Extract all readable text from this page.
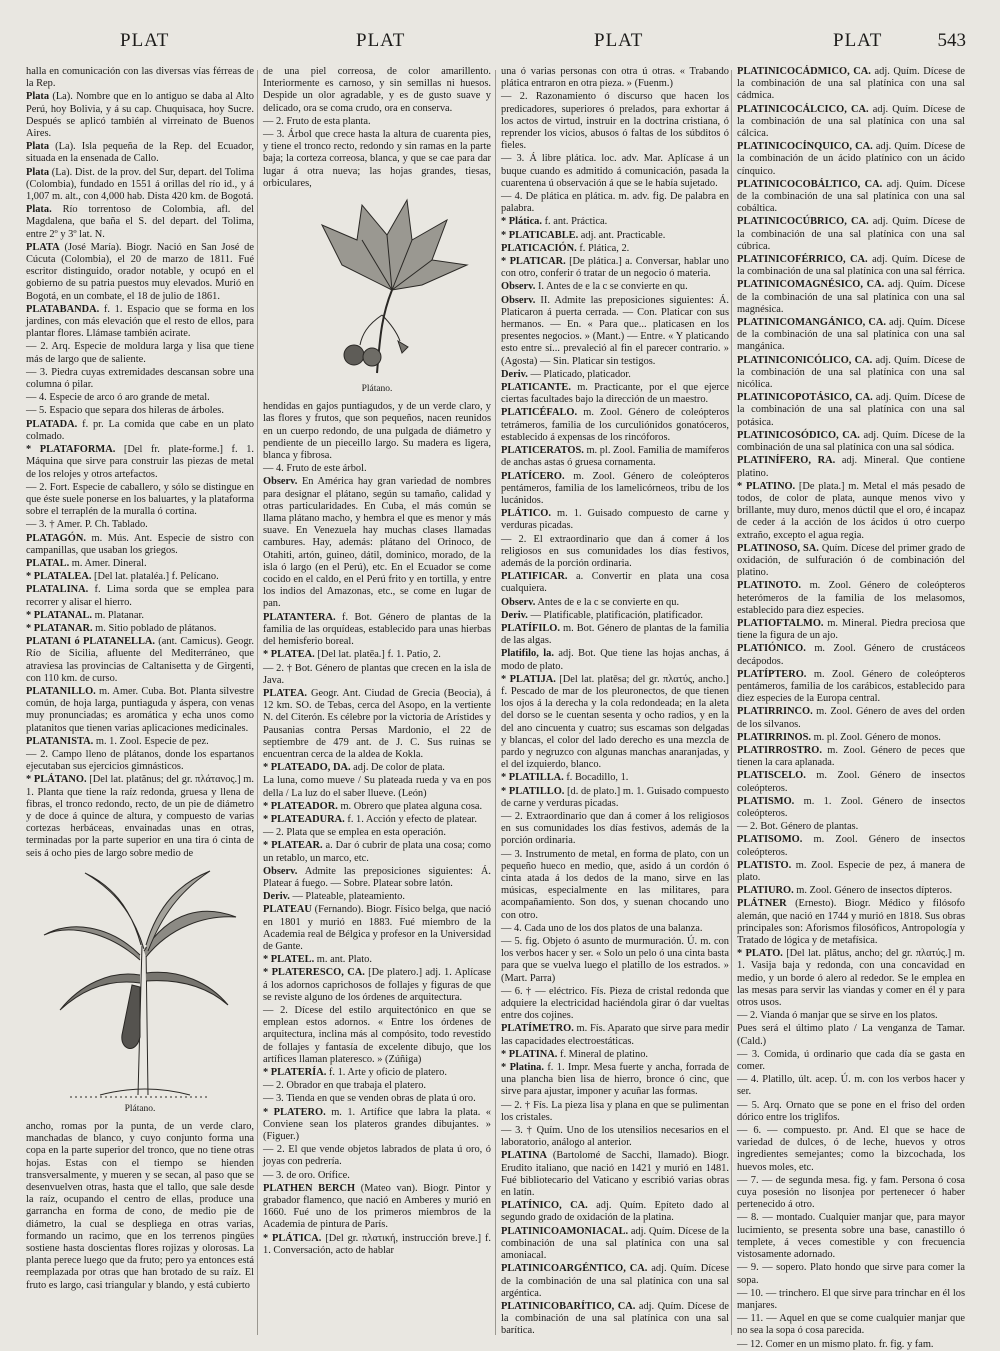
PLAT	PLAT	PLAT	PLAT	543

halla en comunicación con las diversas vías férreas de la Rep.

Plata (La). Nombre que en lo antiguo se daba al Alto Perú, hoy Bolivia, y á su cap. Chuquisaca, hoy Sucre. Después se aplicó también al virreinato de Buenos Aires.

Plata (La). Isla pequeña de la Rep. del Ecuador, situada en la ensenada de Callo.

Plata (La). Dist. de la prov. del Sur, depart. del Tolima (Colombia), fundado en 1551 á orillas del río id., y á 1,007 m. alt., con 4,000 hab. Dista 420 km. de Bogotá.

Plata. Río torrentoso de Colombia, afl. del Magdalena, que baña el S. del depart. del Tolima, entre 2º y 3º lat. N.

PLATA (José María). Biogr. Nació en San José de Cúcuta (Colombia), el 20 de marzo de 1811. Fué escritor distinguido, orador notable, y ocupó en el gobierno de su patria puestos muy elevados. Murió en Bogotá, en un combate, el 18 de julio de 1861.

PLATABANDA. f. 1. Espacio que se forma en los jardines, con más elevación que el resto de ellos, para plantar flores. Llámase también acirate.

— 2. Arq. Especie de moldura larga y lisa que tiene más de largo que de saliente.

— 3. Piedra cuyas extremidades descansan sobre una columna ó pilar.

— 4. Especie de arco ó aro grande de metal.

— 5. Espacio que separa dos hileras de árboles.

PLATADA. f. pr. La comida que cabe en un plato colmado.

* PLATAFORMA. [Del fr. plate-forme.] f. 1. Máquina que sirve para construir las piezas de metal de los relojes y otros artefactos.

— 2. Fort. Especie de caballero, y sólo se distingue en que éste suele ponerse en los baluartes, y la plataforma sobre el terraplén de la muralla ó cortina.

— 3. † Amer. P. Ch. Tablado.

PLATAGÓN. m. Mús. Ant. Especie de sistro con campanillas, que usaban los griegos.

PLATAL. m. Amer. Dineral.

* PLATALEA. [Del lat. plataléa.] f. Pelícano.

PLATALINA. f. Lima sorda que se emplea para recorrer y alisar el hierro.

* PLATANAL. m. Platanar.

* PLATANAR. m. Sitio poblado de plátanos.

PLATANI ó PLATANELLA. (ant. Camicus). Geogr. Río de Sicilia, afluente del Mediterráneo, que atraviesa las provincias de Caltanisetta y de Girgenti, con 110 km. de curso.

PLATANILLO. m. Amer. Cuba. Bot. Planta silvestre común, de hoja larga, puntiaguda y áspera, con venas muy pronunciadas; es aromática y echa unos como platanitos que tienen varias aplicaciones medicinales.

PLATANISTA. m. 1. Zool. Especie de pez.

— 2. Campo lleno de plátanos, donde los espartanos ejecutaban sus ejercicios gimnásticos.

* PLÁTANO. [Del lat. platănus; del gr. πλάτανος.] m. 1. Planta que tiene la raíz redonda, gruesa y llena de fibras, el tronco redondo, recto, de un pie de diámetro y de doce á quince de altura, y compuesto de varias cortezas herbáceas, envainadas unas en otras, terminadas por la parte superior en una tira ó cinta de seis á ocho pies de largo sobre medio de

Plátano.

ancho, romas por la punta, de un verde claro, manchadas de blanco, y cuyo conjunto forma una copa en la parte superior del tronco, que no tiene otras hojas. Estas con el tiempo se hienden transversalmente, y mueren y se secan, al paso que se desenvuelven otras, hasta que el tallo, que sale desde la raíz, ocupando el centro de ellas, produce una garrancha en forma de cono, de medio pie de diámetro, la cual se despliega en otras varias, formando un racimo, que en los terrenos pingües sostiene hasta doscientas flores rojizas y olorosas. La planta perece luego que da fruto; pero ya entonces está reemplazada por otras que han brotado de su raíz. El fruto es largo, casi triangular y blando, y está cubierto

de una piel correosa, de color amarillento. Interiormente es carnoso, y sin semillas ni huesos. Despide un olor agradable, y es de gusto suave y delicado, ora se coma crudo, ora en conserva.

— 2. Fruto de esta planta.

— 3. Árbol que crece hasta la altura de cuarenta pies, y tiene el tronco recto, redondo y sin ramas en la parte baja; la corteza correosa, blanca, y que se cae para dar lugar á otra nueva; las hojas grandes, tiesas, orbiculares,

Plátano.

hendidas en gajos puntiagudos, y de un verde claro, y las flores y frutos, que son pequeños, nacen reunidos en un cuerpo redondo, de una pulgada de diámetro y pendiente de un pieceillo largo. Su madera es ligera, blanca y fibrosa.

— 4. Fruto de este árbol.

Observ. En América hay gran variedad de nombres para designar el plátano, según su tamaño, calidad y otras particularidades. En Cuba, el más común se llama plátano macho, y hembra el que es menor y más suave. En Venezuela hay muchas clases llamadas cambures. Hay, además: plátano del Orinoco, de Otahiti, artón, guineo, dátil, dominico, morado, de la isla ó largo (en el Perú), etc. En el Ecuador se come cocido en el caldo, en el Perú frito y en tortilla, y entre los indios del Amazonas, etc., se come en lugar de pan.

PLATANTERA. f. Bot. Género de plantas de la familia de las orquídeas, establecido para unas hierbas del hemisferio boreal.

* PLATEA. [Del lat. platēa.] f. 1. Patio, 2.

— 2. † Bot. Género de plantas que crecen en la isla de Java.

PLATEA. Geogr. Ant. Ciudad de Grecia (Beocia), á 12 km. SO. de Tebas, cerca del Asopo, en la vertiente N. del Citerón. Es célebre por la victoria de Arístides y Pausanias contra Persas Mardonio, el 22 de septiembre de 479 ant. de J. C. Sus ruinas se encuentran cerca de la aldea de Kokla.

* PLATEADO, DA. adj. De color de plata.

La luna, como mueve / Su plateada rueda y va en pos della / La luz do el saber llueve. (León)

* PLATEADOR. m. Obrero que platea alguna cosa.

* PLATEADURA. f. 1. Acción y efecto de platear.

— 2. Plata que se emplea en esta operación.

* PLATEAR. a. Dar ó cubrir de plata una cosa; como un retablo, un marco, etc.

Observ. Admite las preposiciones siguientes: Á. Platear á fuego. — Sobre. Platear sobre latón.

Deriv. — Plateable, plateamiento.

PLATEAU (Fernando). Biogr. Físico belga, que nació en 1801 y murió en 1883. Fué miembro de la Academia real de Bélgica y profesor en la Universidad de Gante.

* PLATEL. m. ant. Plato.

* PLATERESCO, CA. [De platero.] adj. 1. Aplícase á los adornos caprichosos de follajes y figuras de que se reviste alguno de los órdenes de arquitectura.

— 2. Dícese del estilo arquitectónico en que se emplean estos adornos. « Entre los órdenes de arquitectura, inclina más al compósito, todo revestido de follajes y fantasía de excelente dibujo, que los artífices llaman plateresco. » (Zúñiga)

* PLATERÍA. f. 1. Arte y oficio de platero.

— 2. Obrador en que trabaja el platero.

— 3. Tienda en que se venden obras de plata ú oro.

* PLATERO. m. 1. Artífice que labra la plata. « Conviene sean los plateros grandes dibujantes. » (Figuer.)

— 2. El que vende objetos labrados de plata ú oro, ó joyas con pedrería.

— 3. de oro. Orífice.

PLATHEN BERCH (Mateo van). Biogr. Pintor y grabador flamenco, que nació en Amberes y murió en 1660. Fué uno de los primeros miembros de la Academia de pintura de París.

* PLÁTICA. [Del gr. πλατική, instrucción breve.] f. 1. Conversación, acto de hablar

una ó varias personas con otra ú otras. « Trabando plática entraron en otra pieza. » (Fuenm.)

— 2. Razonamiento ó discurso que hacen los predicadores, superiores ó prelados, para exhortar á los actos de virtud, instruir en la doctrina cristiana, ó reprender los vicios, abusos ó faltas de los súbditos ó fieles.

— 3. Á libre plática. loc. adv. Mar. Aplícase á un buque cuando es admitido á comunicación, pasada la cuarentena ú observación á que se le había sujetado.

— 4. De plática en plática. m. adv. fig. De palabra en palabra.

* Plática. f. ant. Práctica.

* PLATICABLE. adj. ant. Practicable.

PLATICACIÓN. f. Plática, 2.

* PLATICAR. [De plática.] a. Conversar, hablar uno con otro, conferir ó tratar de un negocio ó materia.

Observ. I. Antes de e la c se convierte en qu.

Observ. II. Admite las preposiciones siguientes: Á. Platicaron á puerta cerrada. — Con. Platicar con sus hermanos. — En. « Para que... platicasen en los presentes negocios. » (Mant.) — Entre. « Y platicando esto entre sí... prevaleció al fin el parecer contrario. » (Agosta) — Sin. Platicar sin testigos.

Deriv. — Platicado, platicador.

PLATICANTE. m. Practicante, por el que ejerce ciertas facultades bajo la dirección de un maestro.

PLATICÉFALO. m. Zool. Género de coleópteros tetrámeros, familia de los curculiónidos gonatóceros, establecido á expensas de los rincóforos.

PLATICERATOS. m. pl. Zool. Familia de mamíferos de anchas astas ó gruesa cornamenta.

PLATÍCERO. m. Zool. Género de coleópteros pentámeros, familia de los lamelicórneos, tribu de los lucánidos.

PLÁTICO. m. 1. Guisado compuesto de carne y verduras picadas.

— 2. El extraordinario que dan á comer á los religiosos en sus comunidades los días festivos, además de la porción ordinaria.

PLATIFICAR. a. Convertir en plata una cosa cualquiera.

Observ. Antes de e la c se convierte en qu.

Deriv. — Platificable, platificación, platificador.

PLATÍFILO. m. Bot. Género de plantas de la familia de las algas.

Platifilo, la. adj. Bot. Que tiene las hojas anchas, á modo de plato.

* PLATIJA. [Del lat. platēsa; del gr. πλατύς, ancho.] f. Pescado de mar de los pleuronectos, de que tienen los ojos á la derecha y la cola redondeada; en la aleta del dorso se le cuentan sesenta y ocho radios, y en la del ano cincuenta y cuatro; sus escamas son delgadas y blancas, el color del lado derecho es una mezcla de pardo y negruzco con algunas manchas anaranjadas, y el del izquierdo, blanco.

* PLATILLA. f. Bocadillo, 1.

* PLATILLO. [d. de plato.] m. 1. Guisado compuesto de carne y verduras picadas.

— 2. Extraordinario que dan á comer á los religiosos en sus comunidades los días festivos, además de la porción ordinaria.

— 3. Instrumento de metal, en forma de plato, con un pequeño hueco en medio, que, asido á un cordón ó cinta atada á los dedos de la mano, sirve en las músicas, especialmente en las militares, para acompañamiento. Son dos, y suenan chocando uno con otro.

— 4. Cada uno de los dos platos de una balanza.

— 5. fig. Objeto ó asunto de murmuración. Ú. m. con los verbos hacer y ser. « Solo un pelo ó una cinta basta para que se vuelva luego el platillo de los estrados. » (Mart. Parra)

— 6. † — eléctrico. Fís. Pieza de cristal redonda que adquiere la electricidad haciéndola girar ó dar vueltas entre dos cojines.

PLATÍMETRO. m. Fís. Aparato que sirve para medir las capacidades electroestáticas.

* PLATINA. f. Mineral de platino.

* Platina. f. 1. Impr. Mesa fuerte y ancha, forrada de una plancha bien lisa de hierro, bronce ó cinc, que sirve para ajustar, imponer y acuñar las formas.

— 2. † Fís. La pieza lisa y plana en que se pulimentan los cristales.

— 3. † Quím. Uno de los utensilios necesarios en el laboratorio, análogo al anterior.

PLATINA (Bartolomé de Sacchi, llamado). Biogr. Erudito italiano, que nació en 1421 y murió en 1481. Fué bibliotecario del Vaticano y escribió varias obras en latín.

PLATÍNICO, CA. adj. Quím. Epíteto dado al segundo grado de oxidación de la platina.

PLATINICOAMONIACAL. adj. Quím. Dícese de la combinación de una sal platínica con una sal amoniacal.

PLATINICOARGÉNTICO, CA. adj. Quím. Dícese de la combinación de una sal platínica con una sal argéntica.

PLATINICOBARÍTICO, CA. adj. Quím. Dícese de la combinación de una sal platínica con una sal barítica.

PLATINICOCÁDMICO, CA. adj. Quím. Dícese de la combinación de una sal platínica con una sal cádmica.

PLATINICOCÁLCICO, CA. adj. Quím. Dícese de la combinación de una sal platínica con una sal cálcica.

PLATINICOCÍNQUICO, CA. adj. Quím. Dícese de la combinación de un ácido platínico con un ácido cínquico.

PLATINICOCOBÁLTICO, CA. adj. Quím. Dícese de la combinación de una sal platínica con una sal cobáltica.

PLATINICOCÚBRICO, CA. adj. Quím. Dícese de la combinación de una sal platínica con una sal cúbrica.

PLATINICOFÉRRICO, CA. adj. Quím. Dícese de la combinación de una sal platínica con una sal férrica.

PLATINICOMAGNÉSICO, CA. adj. Quím. Dícese de la combinación de una sal platínica con una sal magnésica.

PLATINICOMANGÁNICO, CA. adj. Quím. Dícese de la combinación de una sal platínica con una sal mangánica.

PLATINICONICÓLICO, CA. adj. Quím. Dícese de la combinación de una sal platínica con una sal nicólica.

PLATINICOPOTÁSICO, CA. adj. Quím. Dícese de la combinación de una sal platínica con una sal potásica.

PLATINICOSÓDICO, CA. adj. Quím. Dícese de la combinación de una sal platínica con una sal sódica.

PLATINÍFERO, RA. adj. Mineral. Que contiene platino.

* PLATINO. [De plata.] m. Metal el más pesado de todos, de color de plata, aunque menos vivo y brillante, muy duro, menos dúctil que el oro, é incapaz de ceder á la acción de los ácidos ú otro cuerpo extraño, excepto el agua regia.

PLATINOSO, SA. Quím. Dícese del primer grado de oxidación, de sulfuración ó de combinación del platino.

PLATINOTO. m. Zool. Género de coleópteros heterómeros de la familia de los melasomos, establecido para diez especies.

PLATIOFTALMO. m. Mineral. Piedra preciosa que tiene la figura de un ajo.

PLATIÓNICO. m. Zool. Género de crustáceos decápodos.

PLATÍPTERO. m. Zool. Género de coleópteros pentámeros, familia de los carábicos, establecido para diez especies de la Europa central.

PLATIRRINCO. m. Zool. Género de aves del orden de los silvanos.

PLATIRRINOS. m. pl. Zool. Género de monos.

PLATIRROSTRO. m. Zool. Género de peces que tienen la cara aplanada.

PLATISCELO. m. Zool. Género de insectos coleópteros.

PLATISMO. m. 1. Zool. Género de insectos coleópteros.

— 2. Bot. Género de plantas.

PLATISOMO. m. Zool. Género de insectos coleópteros.

PLATISTO. m. Zool. Especie de pez, á manera de plato.

PLATIURO. m. Zool. Género de insectos dípteros.

PLÁTNER (Ernesto). Biogr. Médico y filósofo alemán, que nació en 1744 y murió en 1818. Sus obras principales son: Aforismos filosóficos, Antropología y Tratado de lógica y de metafísica.

* PLATO. [Del lat. plătus, ancho; del gr. πλατύς.] m. 1. Vasija baja y redonda, con una concavidad en medio, y un borde ó alero al rededor. Se le emplea en las mesas para servir las viandas y comer en él y para otros usos.

— 2. Vianda ó manjar que se sirve en los platos.

Pues será el último plato / La venganza de Tamar. (Cald.)

— 3. Comida, ú ordinario que cada día se gasta en comer.

— 4. Platillo, últ. acep. Ú. m. con los verbos hacer y ser.

— 5. Arq. Ornato que se pone en el friso del orden dórico entre los triglifos.

— 6. — compuesto. pr. And. El que se hace de variedad de dulces, ó de leche, huevos y otros ingredientes semejantes; como la bizcochada, los huevos moles, etc.

— 7. — de segunda mesa. fig. y fam. Persona ó cosa cuya posesión no lisonjea por pertenecer ó haber pertenecido á otro.

— 8. — montado. Cualquier manjar que, para mayor lucimiento, se presenta sobre una base, canastillo ó templete, á veces comestible y con frecuencia vistosamente adornado.

— 9. — sopero. Plato hondo que sirve para comer la sopa.

— 10. — trinchero. El que sirve para trinchar en él los manjares.

— 11. — Aquel en que se come cualquier manjar que no sea la sopa ó cosa parecida.

— 12. Comer en un mismo plato. fr. fig. y fam.
